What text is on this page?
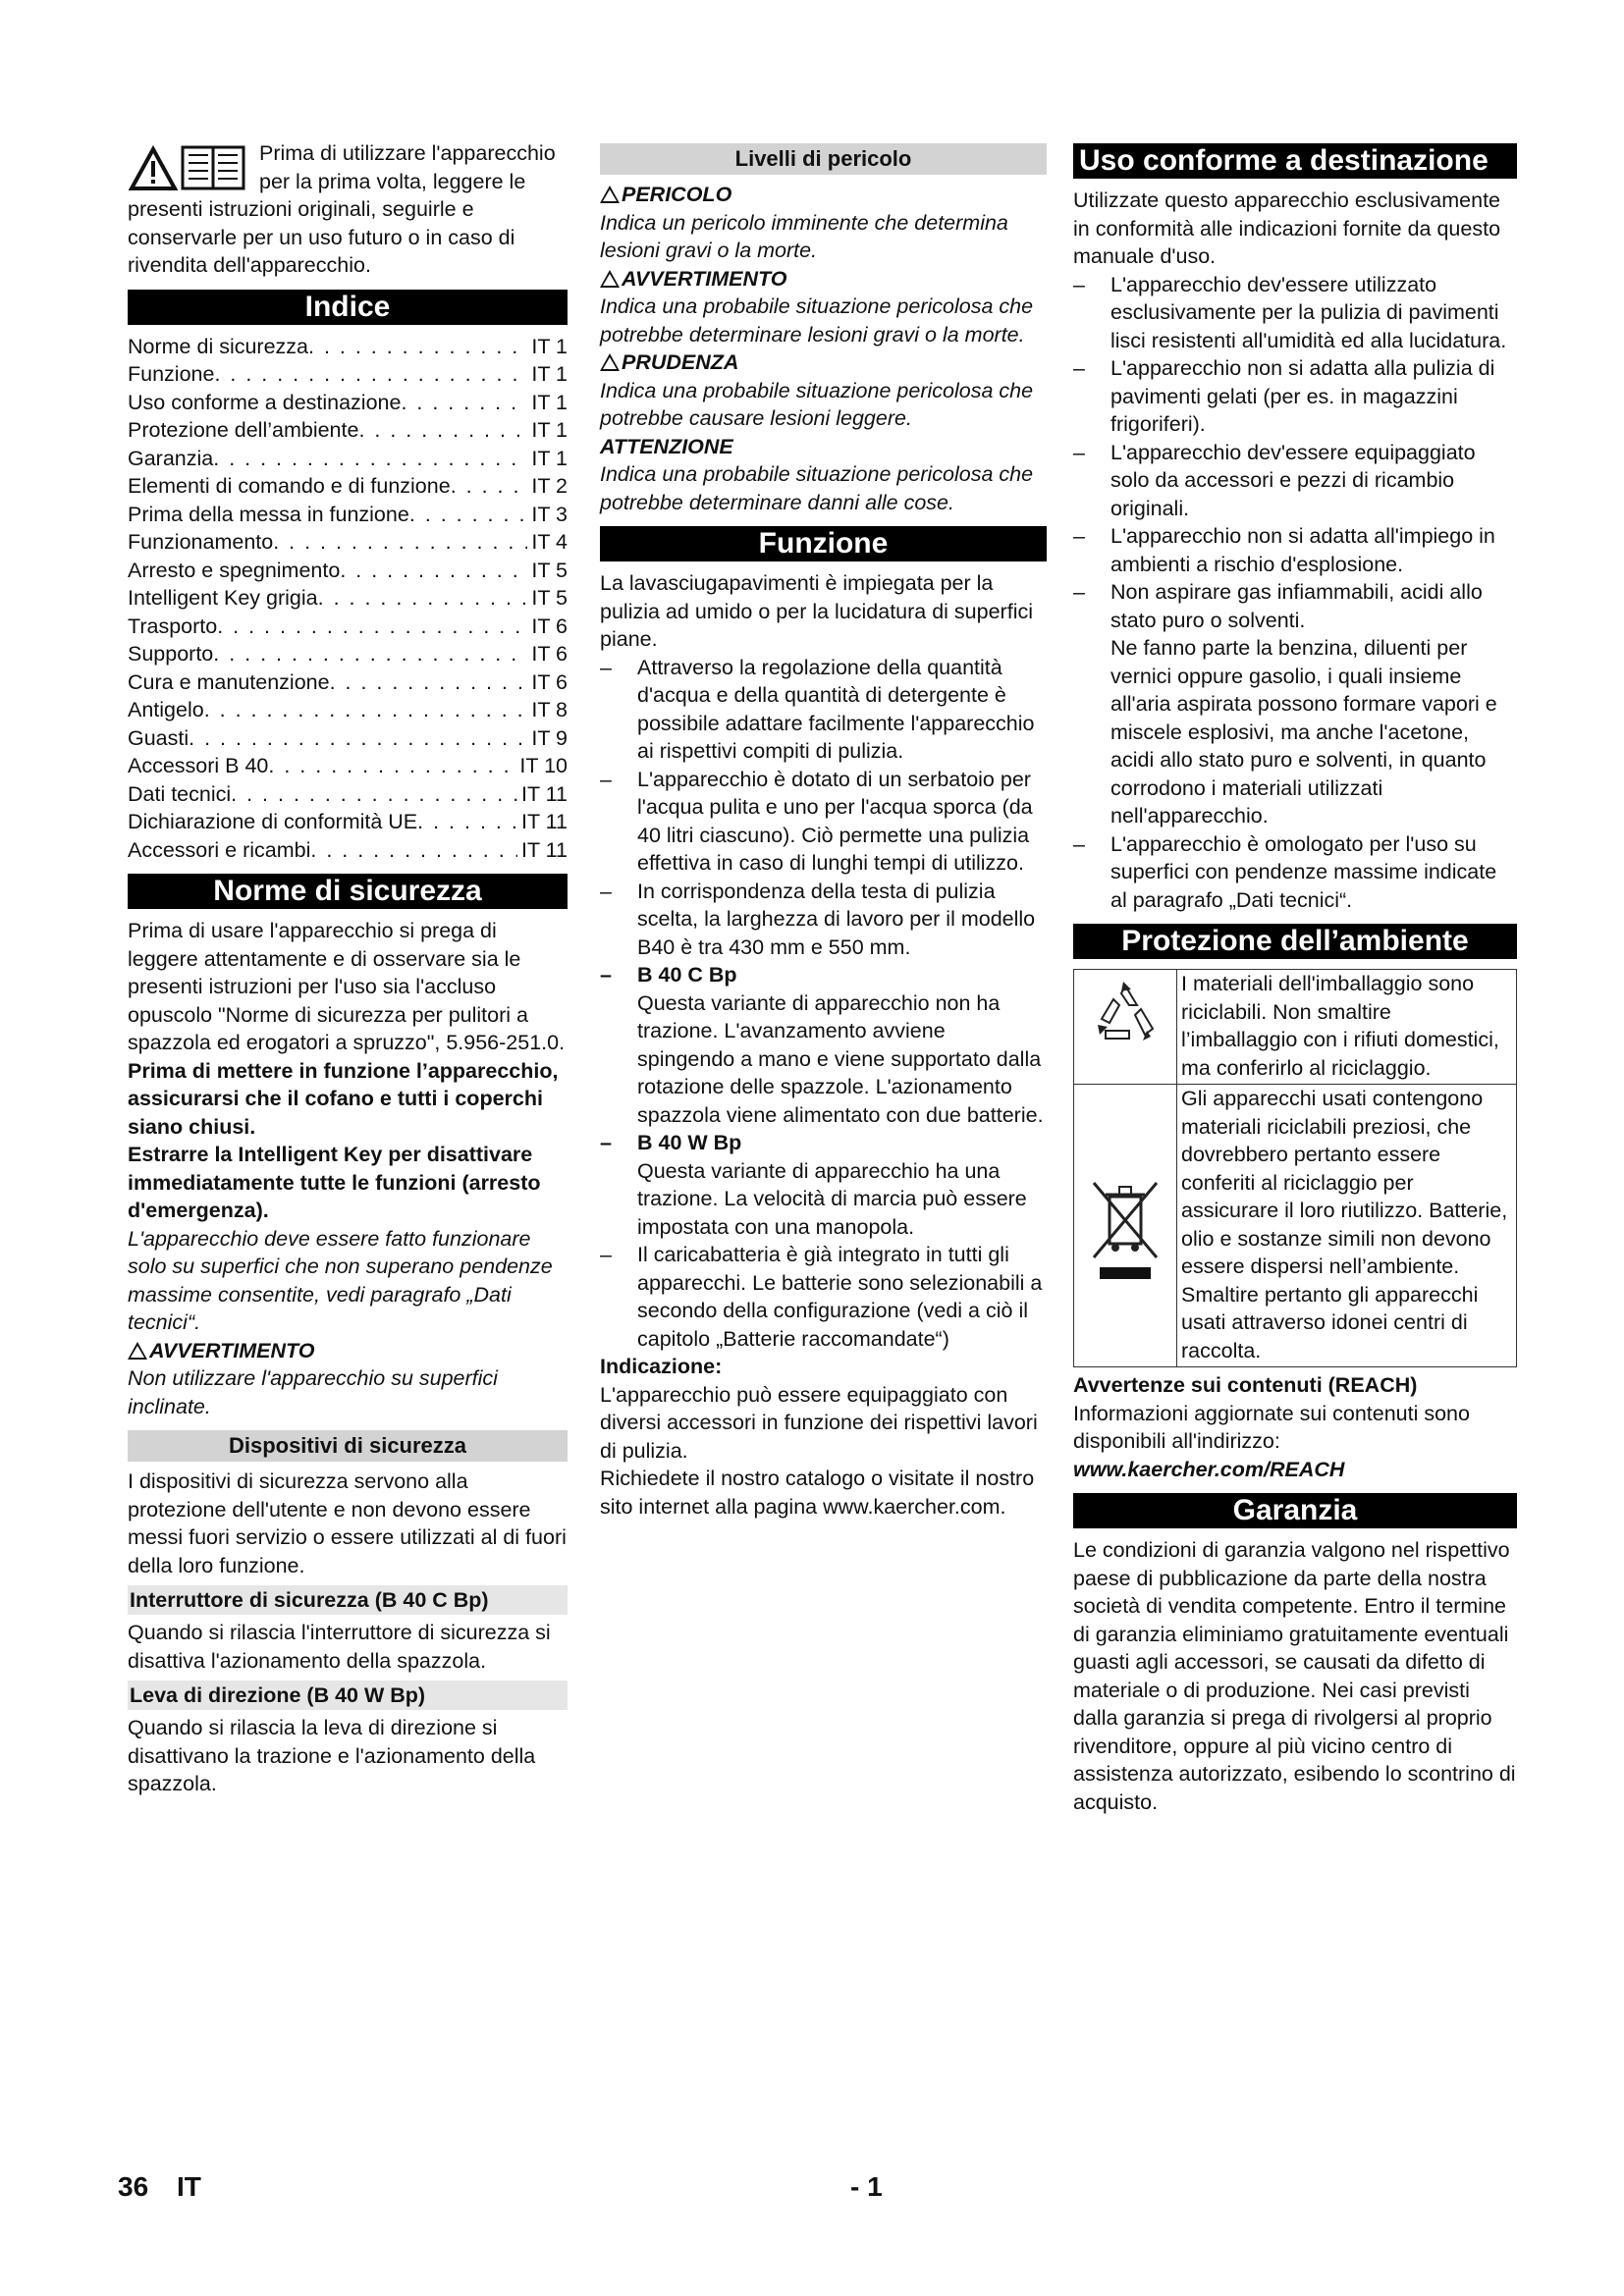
Prima di utilizzare l'apparecchio per la prima volta, leggere le presenti istruzioni originali, seguirle e conservarle per un uso futuro o in caso di rivendita dell'apparecchio.

Indice
Norme di sicurezza . . .	IT 1
Funzione . . .	IT 1
Uso conforme a destinazione . . .	IT 1
Protezione dell’ambiente . . .	IT 1
Garanzia . . .	IT 1
Elementi di comando e di funzione . . .	IT 2
Prima della messa in funzione . . .	IT 3
Funzionamento . . .	IT 4
Arresto e spegnimento . . .	IT 5
Intelligent Key grigia . . .	IT 5
Trasporto . . .	IT 6
Supporto . . .	IT 6
Cura e manutenzione . . .	IT 6
Antigelo . . .	IT 8
Guasti . . .	IT 9
Accessori B 40 . . .	IT 10
Dati tecnici . . .	IT 11
Dichiarazione di conformità UE . . .	IT 11
Accessori e ricambi . . .	IT 11
Norme di sicurezza

Prima di usare l'apparecchio si prega di leggere attentamente e di osservare sia le presenti istruzioni per l'uso sia l'accluso opuscolo "Norme di sicurezza per pulitori a spazzola ed erogatori a spruzzo", 5.956-251.0.

Prima di mettere in funzione l’apparecchio, assicurarsi che il cofano e tutti i coperchi siano chiusi.

Estrarre la Intelligent Key per disattivare immediatamente tutte le funzioni (arresto d'emergenza).

L'apparecchio deve essere fatto funzionare solo su superfici che non superano pendenze massime consentite, vedi paragrafo „Dati tecnici“.

AVVERTIMENTO

Non utilizzare l'apparecchio su superfici inclinate.

Dispositivi di sicurezza

I dispositivi di sicurezza servono alla protezione dell'utente e non devono essere messi fuori servizio o essere utilizzati al di fuori della loro funzione.

Interruttore di sicurezza (B 40 C Bp)

Quando si rilascia l'interruttore di sicurezza si disattiva l'azionamento della spazzola.

Leva di direzione (B 40 W Bp)

Quando si rilascia la leva di direzione si disattivano la trazione e l'azionamento della spazzola.

Livelli di pericolo

PERICOLO

Indica un pericolo imminente che determina lesioni gravi o la morte.

AVVERTIMENTO

Indica una probabile situazione pericolosa che potrebbe determinare lesioni gravi o la morte.

PRUDENZA

Indica una probabile situazione pericolosa che potrebbe causare lesioni leggere.

ATTENZIONE

Indica una probabile situazione pericolosa che potrebbe determinare danni alle cose.

Funzione

La lavasciugapavimenti è impiegata per la pulizia ad umido o per la lucidatura di superfici piane.

– Attraverso la regolazione della quantità d'acqua e della quantità di detergente è possibile adattare facilmente l'apparecchio ai rispettivi compiti di pulizia.
– L'apparecchio è dotato di un serbatoio per l'acqua pulita e uno per l'acqua sporca (da 40 litri ciascuno). Ciò permette una pulizia effettiva in caso di lunghi tempi di utilizzo.
– In corrispondenza della testa di pulizia scelta, la larghezza di lavoro per il modello B40 è tra 430 mm e 550 mm.
– B 40 C Bp

Questa variante di apparecchio non ha trazione. L'avanzamento avviene spingendo a mano e viene supportato dalla rotazione delle spazzole. L'azionamento spazzola viene alimentato con due batterie.

– B 40 W Bp

Questa variante di apparecchio ha una trazione. La velocità di marcia può essere impostata con una manopola.

– Il caricabatteria è già integrato in tutti gli apparecchi. Le batterie sono selezionabili a secondo della configurazione (vedi a ciò il capitolo „Batterie raccomandate“)

Indicazione:

L'apparecchio può essere equipaggiato con diversi accessori in funzione dei rispettivi lavori di pulizia.

Richiedete il nostro catalogo o visitate il nostro sito internet alla pagina www.kaercher.com.

Uso conforme a destinazione

Utilizzate questo apparecchio esclusivamente in conformità alle indicazioni fornite da questo manuale d'uso.

– L'apparecchio dev'essere utilizzato esclusivamente per la pulizia di pavimenti lisci resistenti all'umidità ed alla lucidatura.
– L'apparecchio non si adatta alla pulizia di pavimenti gelati (per es. in magazzini frigoriferi).
– L'apparecchio dev'essere equipaggiato solo da accessori e pezzi di ricambio originali.
– L'apparecchio non si adatta all'impiego in ambienti a rischio d'esplosione.
– Non aspirare gas infiammabili, acidi allo stato puro o solventi.

Ne fanno parte la benzina, diluenti per vernici oppure gasolio, i quali insieme all'aria aspirata possono formare vapori e miscele esplosivi, ma anche l'acetone, acidi allo stato puro e solventi, in quanto corrodono i materiali utilizzati nell'apparecchio.

– L'apparecchio è omologato per l'uso su superfici con pendenze massime indicate al paragrafo „Dati tecnici“.
Protezione dell’ambiente
I materiali dell'imballaggio sono riciclabili. Non smaltire l’imballaggio con i rifiuti domestici, ma conferirlo al riciclaggio.
Gli apparecchi usati contengono materiali riciclabili preziosi, che dovrebbero pertanto essere conferiti al riciclaggio per assicurare il loro riutilizzo. Batterie, olio e sostanze simili non devono essere dispersi nell’ambiente. Smaltire pertanto gli apparecchi usati attraverso idonei centri di raccolta.

Avvertenze sui contenuti (REACH)

Informazioni aggiornate sui contenuti sono disponibili all'indirizzo:

www.kaercher.com/REACH

Garanzia

Le condizioni di garanzia valgono nel rispettivo paese di pubblicazione da parte della nostra società di vendita competente. Entro il termine di garanzia eliminiamo gratuitamente eventuali guasti agli accessori, se causati da difetto di materiale o di produzione. Nei casi previsti dalla garanzia si prega di rivolgersi al proprio rivenditore, oppure al più vicino centro di assistenza autorizzato, esibendo lo scontrino di acquisto.

36 IT	- 1
